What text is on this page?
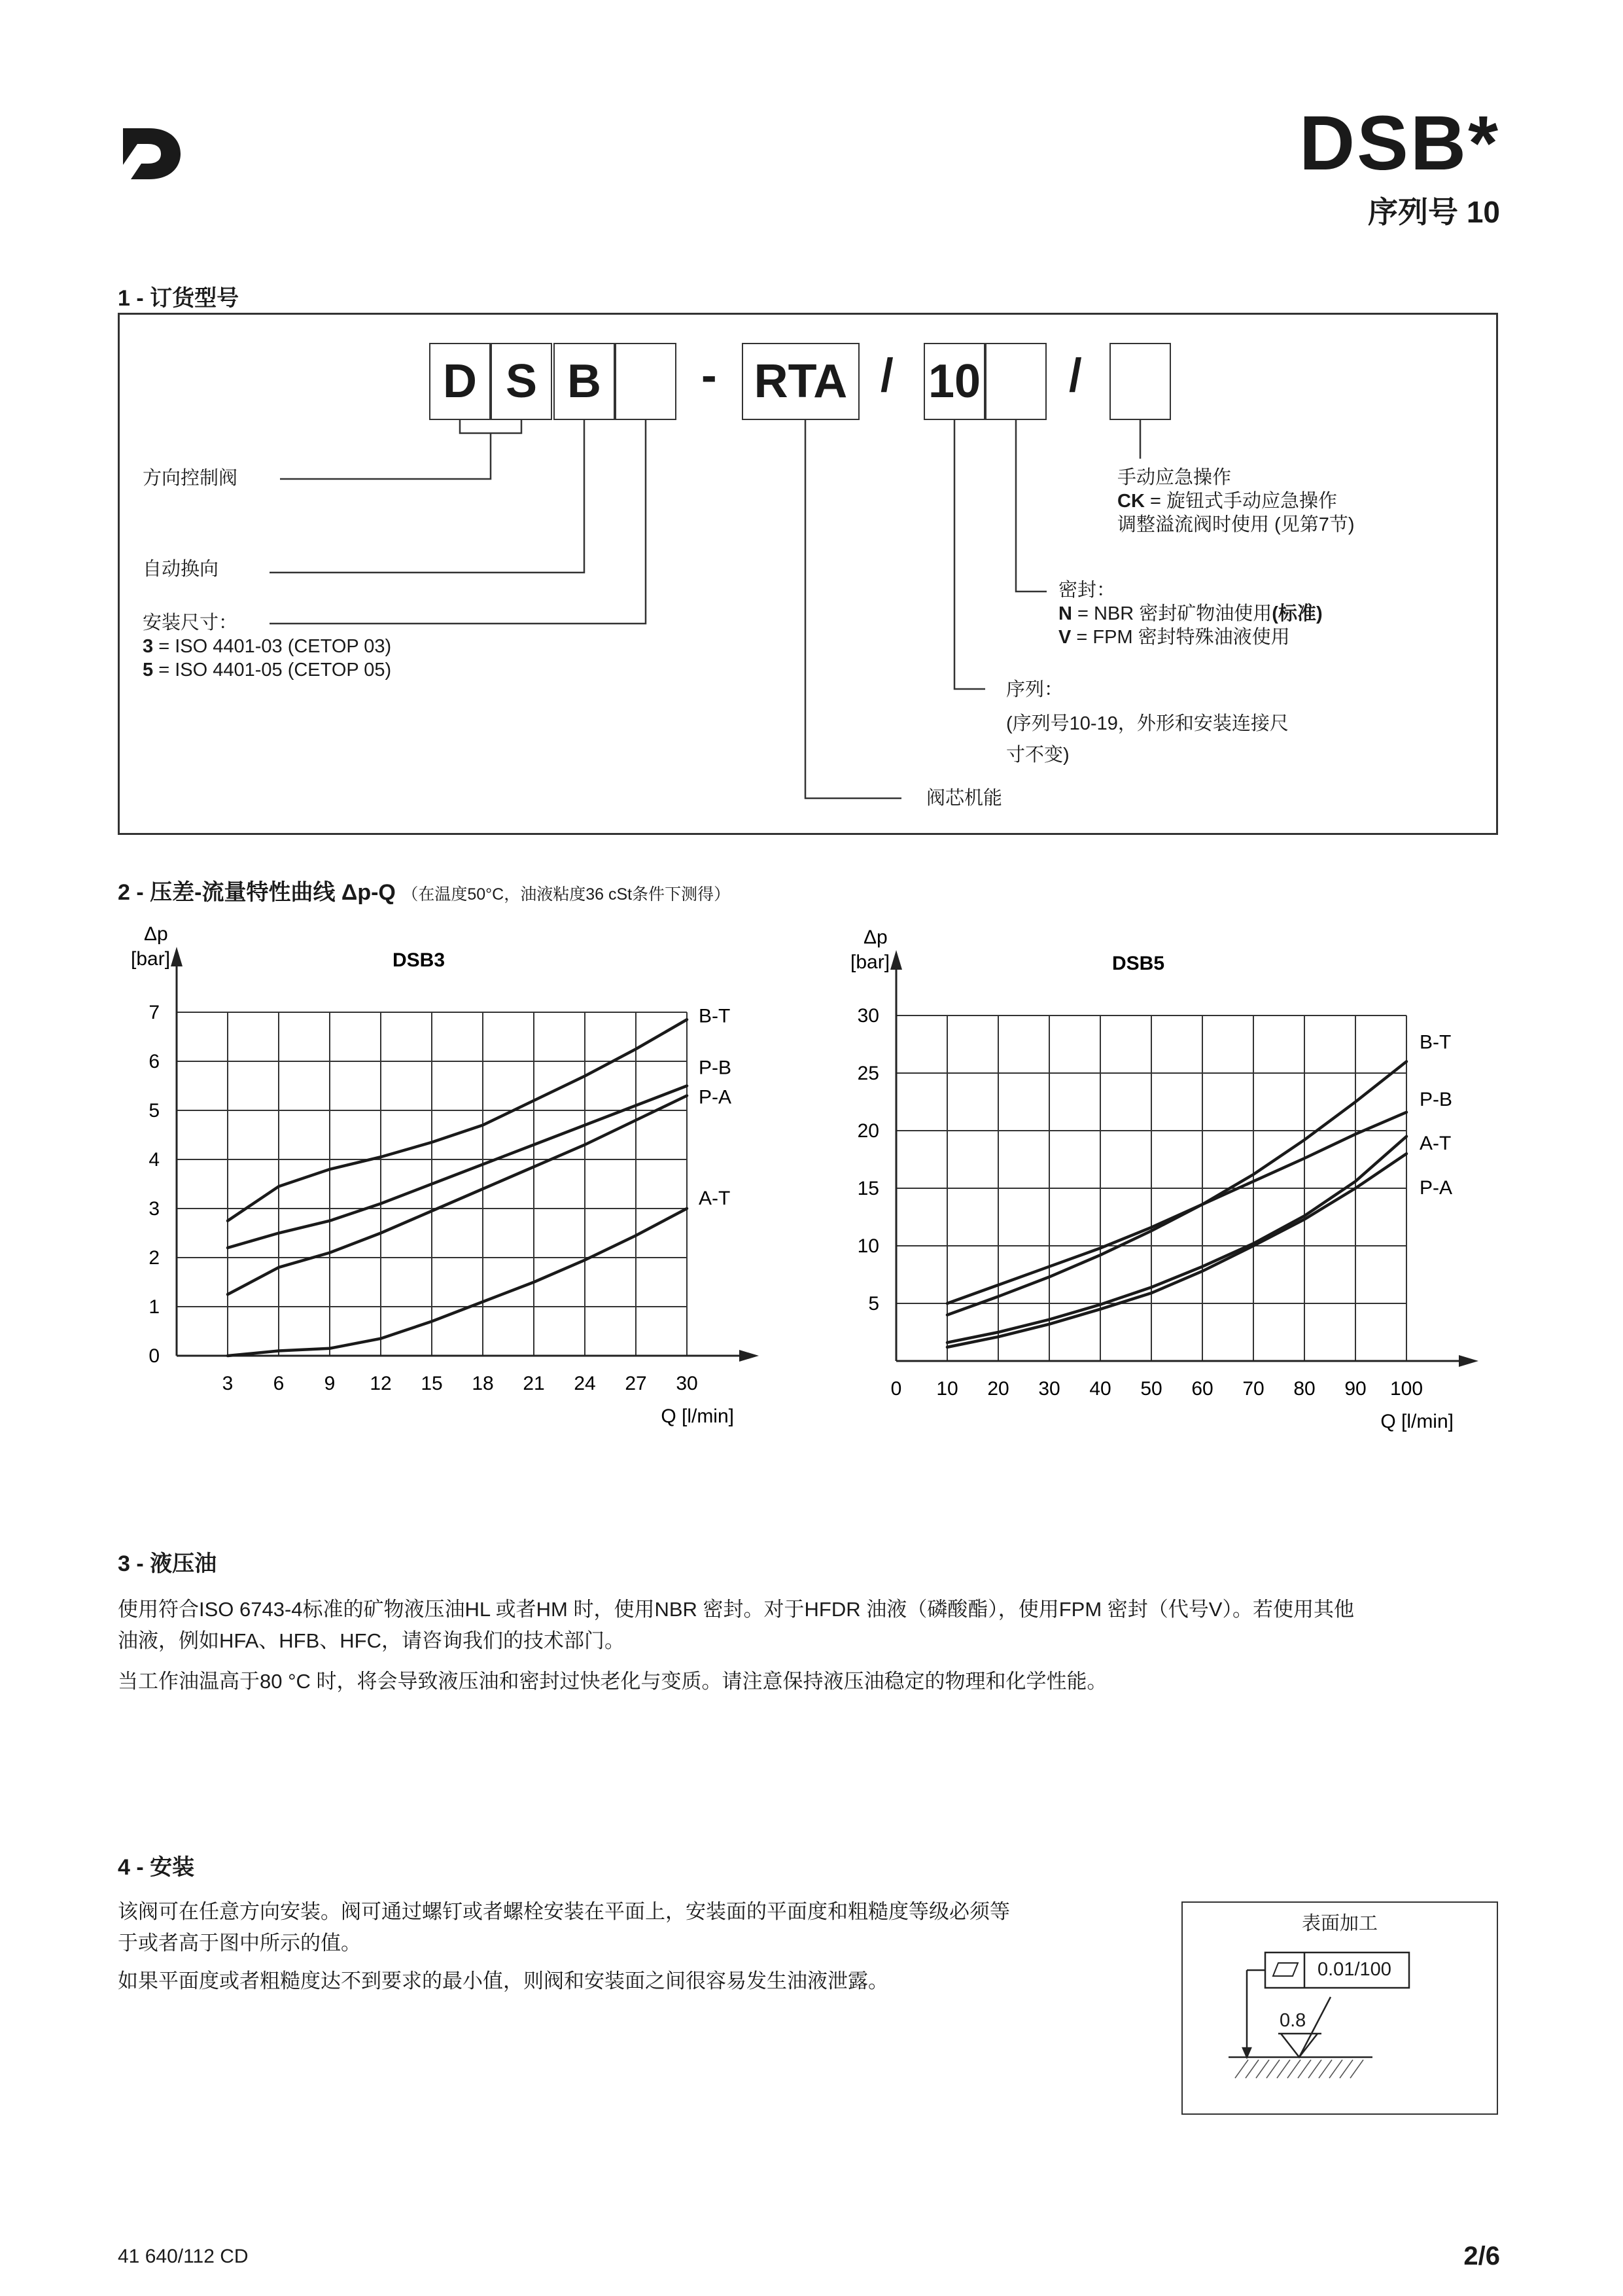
DSB*
序列号 10
1 - 订货型号
D S B - RTA / 10 /
方向控制阀
自动换向
安装尺寸：
3 = ISO 4401-03 (CETOP 03)
5 = ISO 4401-05 (CETOP 05)
手动应急操作
CK = 旋钮式手动应急操作
调整溢流阀时使用 (见第7节)
密封：
N = NBR 密封矿物油使用(标准)
V = FPM 密封特殊油液使用
序列：
(序列号10-19，外形和安装连接尺
寸不变)
阀芯机能
2 - 压差-流量特性曲线 Δp-Q （在温度50°C，油液粘度36 cSt条件下测得）
3 6 9 12 15 18 21 24 27 30
0
1
2
3
4
5
6
7
DSB3
Δp
[bar]
Q [l/min]
B-T
P-B
P-A
A-T
0 10 20 30 40 50 60 70 80 90 100
5
10
15
20
25
30
DSB5
Δp
[bar]
Q [l/min]
B-T
P-B
A-T
P-A
3 - 液压油
使用符合ISO 6743-4标准的矿物液压油HL 或者HM 时，使用NBR 密封。对于HFDR 油液（磷酸酯），使用FPM 密封（代号V）。若使用其他
油液，例如HFA、HFB、HFC，请咨询我们的技术部门。
当工作油温高于80 °C 时，将会导致液压油和密封过快老化与变质。请注意保持液压油稳定的物理和化学性能。
4 - 安装
该阀可在任意方向安装。阀可通过螺钉或者螺栓安装在平面上，安装面的平面度和粗糙度等级必须等
于或者高于图中所示的值。
如果平面度或者粗糙度达不到要求的最小值，则阀和安装面之间很容易发生油液泄露。
表面加工
0.01/100
0.8
41 640/112 CD	2/6
